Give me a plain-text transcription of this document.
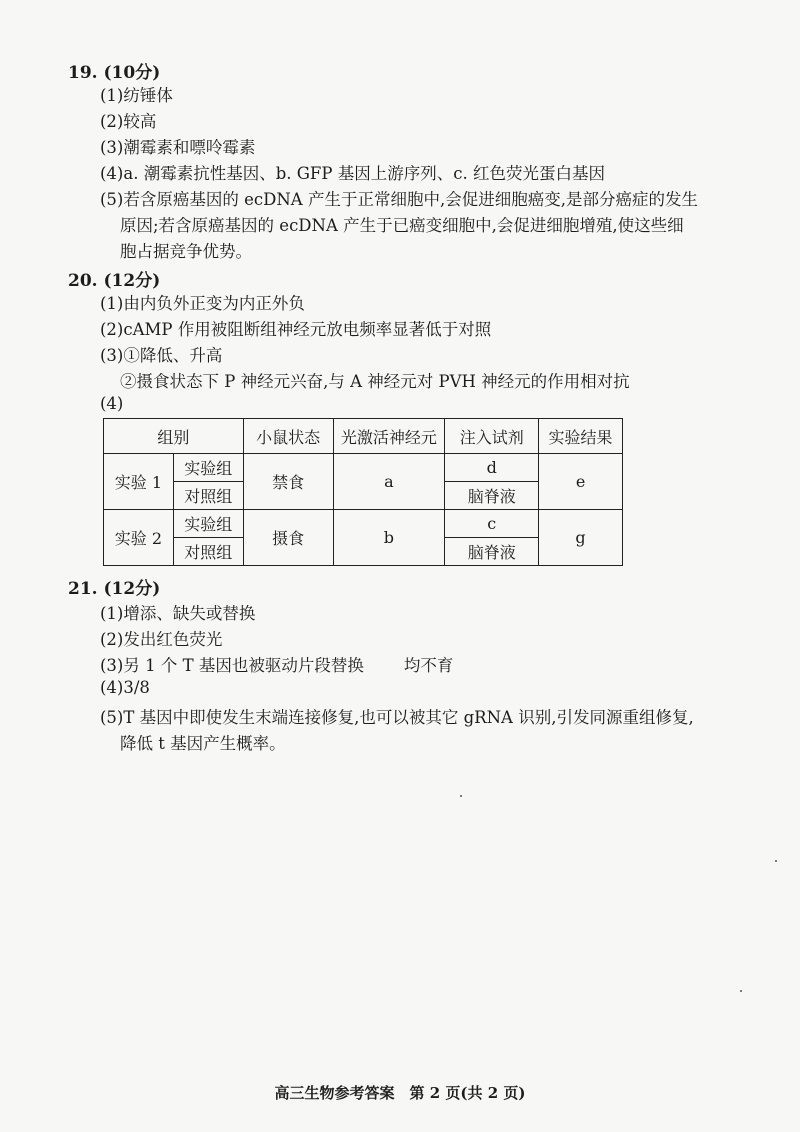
19. (10分)
(1)纺锤体
(2)较高
(3)潮霉素和嘌呤霉素
(4)a. 潮霉素抗性基因、b. GFP 基因上游序列、c. 红色荧光蛋白基因
(5)若含原癌基因的 ecDNA 产生于正常细胞中,会促进细胞癌变,是部分癌症的发生
原因;若含原癌基因的 ecDNA 产生于已癌变细胞中,会促进细胞增殖,使这些细
胞占据竞争优势。
20. (12分)
(1)由内负外正变为内正外负
(2)cAMP 作用被阻断组神经元放电频率显著低于对照
(3)①降低、升高
②摄食状态下 P 神经元兴奋,与 A 神经元对 PVH 神经元的作用相对抗
(4)
组别		小鼠状态	光激活神经元	注入试剂	实验结果
实验 1	实验组	禁食	a	d	e
	对照组			脑脊液	
实验 2	实验组	摄食	b	c	g
	对照组			脑脊液	
21. (12分)
(1)增添、缺失或替换
(2)发出红色荧光
(3)另 1 个 T 基因也被驱动片段替换 均不育
(4)3/8
(5)T 基因中即使发生末端连接修复,也可以被其它 gRNA 识别,引发同源重组修复,
降低 t 基因产生概率。
高三生物参考答案　第 2 页(共 2 页)
